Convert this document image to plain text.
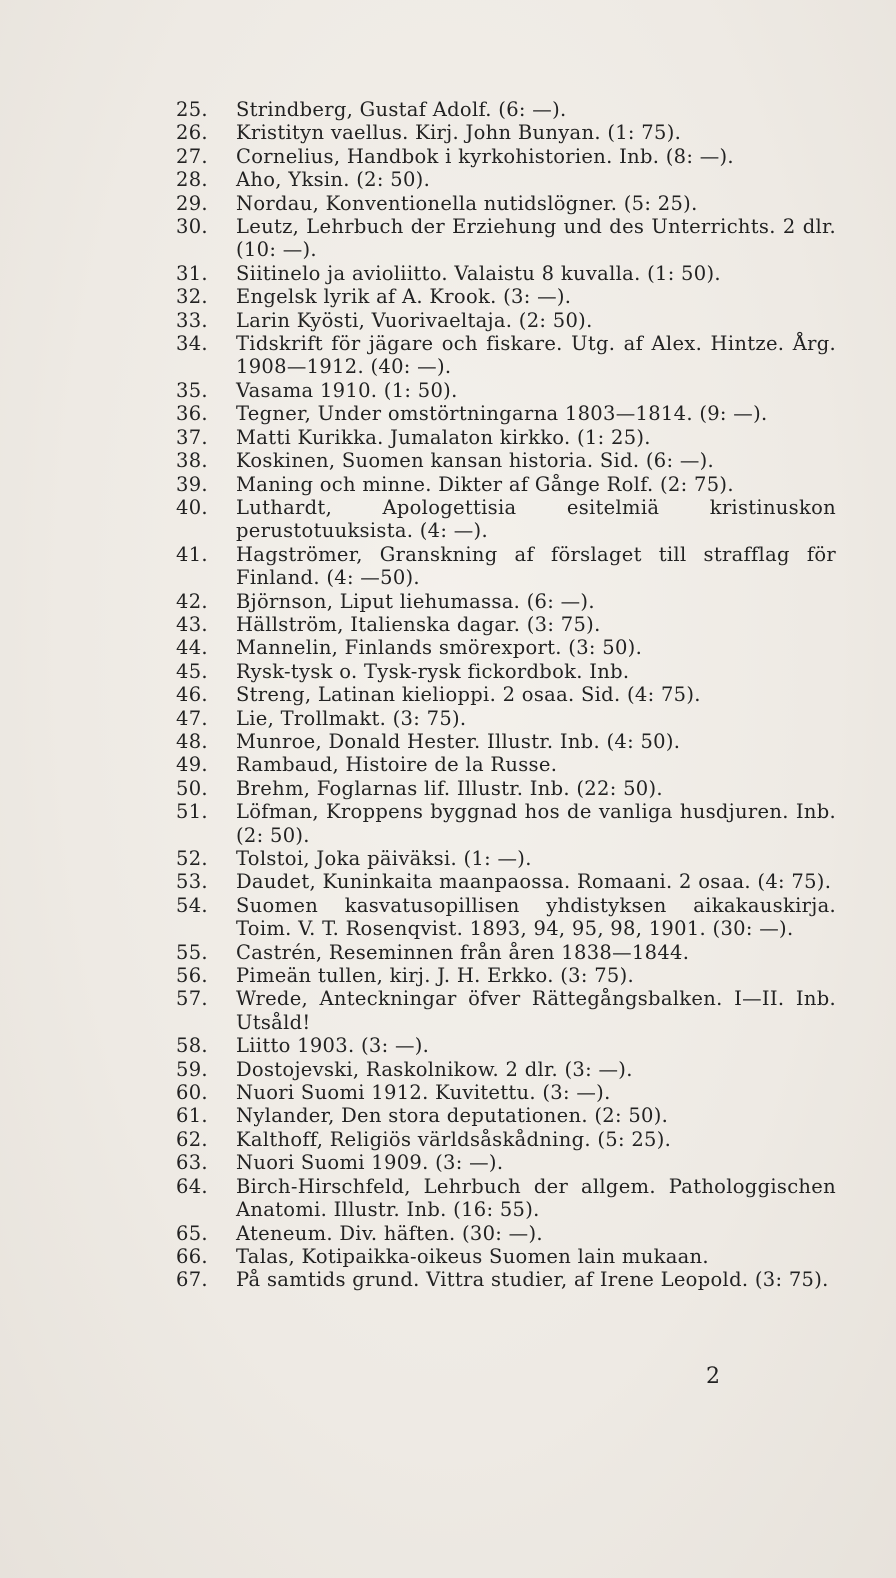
25.	Strindberg, Gustaf Adolf. (6: —).
26.	Kristityn vaellus. Kirj. John Bunyan. (1: 75).
27.	Cornelius, Handbok i kyrkohistorien. Inb. (8: —).
28.	Aho, Yksin. (2: 50).
29.	Nordau, Konventionella nutidslögner. (5: 25).
30.	Leutz, Lehrbuch der Erziehung und des Unterrichts. 2 dlr. (10: —).
31.	Siitinelo ja avioliitto. Valaistu 8 kuvalla. (1: 50).
32.	Engelsk lyrik af A. Krook. (3: —).
33.	Larin Kyösti, Vuorivaeltaja. (2: 50).
34.	Tidskrift för jägare och fiskare. Utg. af Alex. Hintze. Årg. 1908—1912. (40: —).
35.	Vasama 1910. (1: 50).
36.	Tegner, Under omstörtningarna 1803—1814. (9: —).
37.	Matti Kurikka. Jumalaton kirkko. (1: 25).
38.	Koskinen, Suomen kansan historia. Sid. (6: —).
39.	Maning och minne. Dikter af Gånge Rolf. (2: 75).
40.	Luthardt, Apologettisia esitelmiä kristinuskon perustotuuksista. (4: —).
41.	Hagströmer, Granskning af förslaget till strafflag för Finland. (4: —50).
42.	Björnson, Liput liehumassa. (6: —).
43.	Hällström, Italienska dagar. (3: 75).
44.	Mannelin, Finlands smörexport. (3: 50).
45.	Rysk-tysk o. Tysk-rysk fickordbok. Inb.
46.	Streng, Latinan kielioppi. 2 osaa. Sid. (4: 75).
47.	Lie, Trollmakt. (3: 75).
48.	Munroe, Donald Hester. Illustr. Inb. (4: 50).
49.	Rambaud, Histoire de la Russe.
50.	Brehm, Foglarnas lif. Illustr. Inb. (22: 50).
51.	Löfman, Kroppens byggnad hos de vanliga husdjuren. Inb. (2: 50).
52.	Tolstoi, Joka päiväksi. (1: —).
53.	Daudet, Kuninkaita maanpaossa. Romaani. 2 osaa. (4: 75).
54.	Suomen kasvatusopillisen yhdistyksen aikakauskirja. Toim. V. T. Rosenqvist. 1893, 94, 95, 98, 1901. (30: —).
55.	Castrén, Reseminnen från åren 1838—1844.
56.	Pimeän tullen, kirj. J. H. Erkko. (3: 75).
57.	Wrede, Anteckningar öfver Rättegångsbalken. I—II. Inb. Utsåld!
58.	Liitto 1903. (3: —).
59.	Dostojevski, Raskolnikow. 2 dlr. (3: —).
60.	Nuori Suomi 1912. Kuvitettu. (3: —).
61.	Nylander, Den stora deputationen. (2: 50).
62.	Kalthoff, Religiös världsåskådning. (5: 25).
63.	Nuori Suomi 1909. (3: —).
64.	Birch-Hirschfeld, Lehrbuch der allgem. Pathologgischen Anatomi. Illustr. Inb. (16: 55).
65.	Ateneum. Div. häften. (30: —).
66.	Talas, Kotipaikka-oikeus Suomen lain mukaan.
67.	På samtids grund. Vittra studier, af Irene Leopold. (3: 75).
2
